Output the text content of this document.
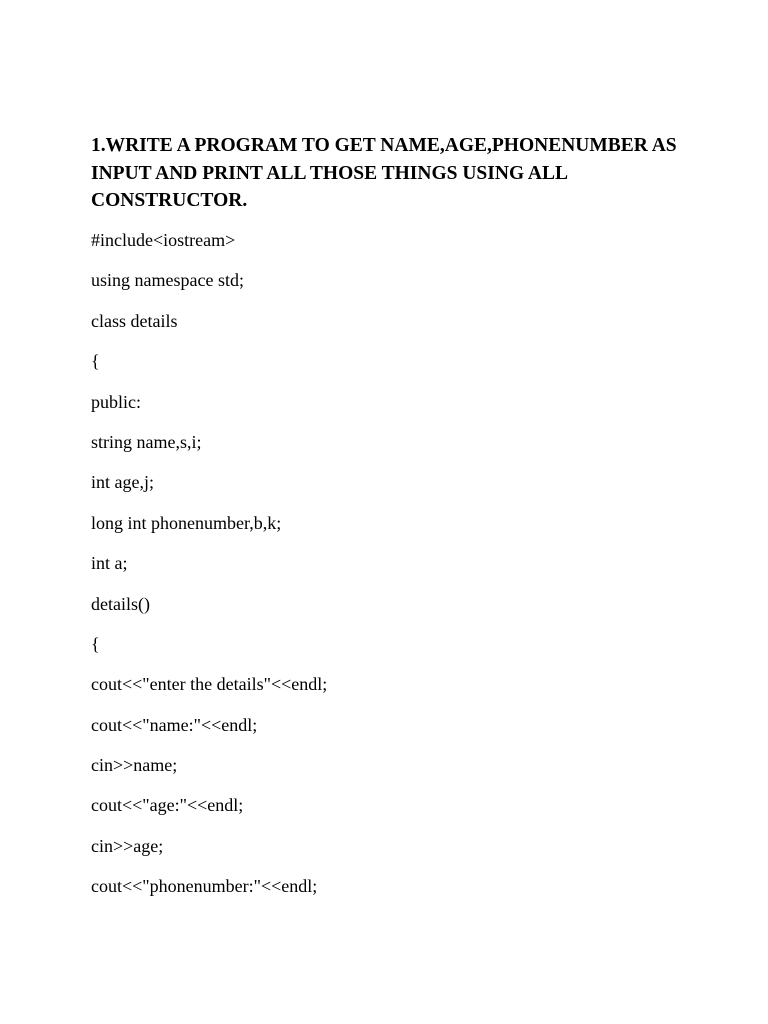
1.WRITE A PROGRAM TO GET NAME,AGE,PHONENUMBER AS INPUT AND PRINT ALL THOSE THINGS USING ALL CONSTRUCTOR.
#include<iostream>
using namespace std;
class details
{
public:
string name,s,i;
int age,j;
long int phonenumber,b,k;
int a;
details()
{
cout<<"enter the details"<<endl;
cout<<"name:"<<endl;
cin>>name;
cout<<"age:"<<endl;
cin>>age;
cout<<"phonenumber:"<<endl;
